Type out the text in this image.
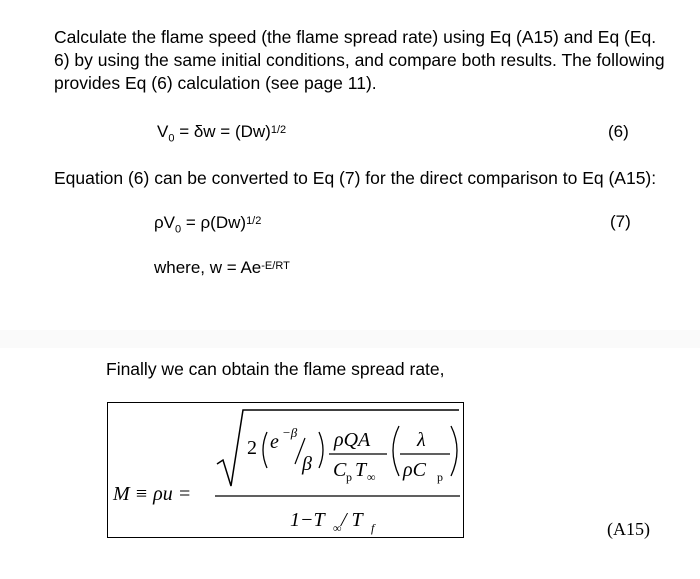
Calculate the flame speed (the flame spread rate) using Eq (A15) and Eq (Eq. 6) by using the same initial conditions, and compare both results. The following provides Eq (6) calculation (see page 11).

$V_0 = \delta w = (Dw)^{1/2}$	(6)

Equation (6) can be converted to Eq (7) for the direct comparison to Eq (A15):

$\rho V_0 = \rho(Dw)^{1/2}$	(7)
where, $w = Ae^{-E/RT}$
Finally we can obtain the flame spread rate,
M ≡ ρu =
2 e −β
β
ρQA
C p T ∞
λ
ρC p
1−T ∞ / T f	(A15)
